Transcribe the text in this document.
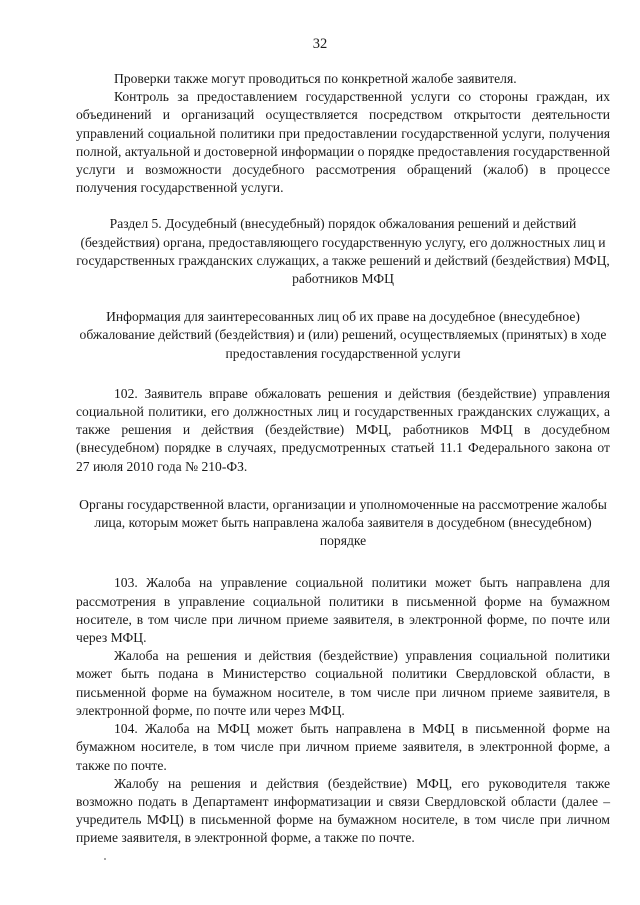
32

Проверки также могут проводиться по конкретной жалобе заявителя.

Контроль за предоставлением государственной услуги со стороны граждан, их объединений и организаций осуществляется посредством открытости деятельности управлений социальной политики при предоставлении государственной услуги, получения полной, актуальной и достоверной информации о порядке предоставления государственной услуги и возможности досудебного рассмотрения обращений (жалоб) в процессе получения государственной услуги.

Раздел 5. Досудебный (внесудебный) порядок обжалования решений и действий (бездействия) органа, предоставляющего государственную услугу, его должностных лиц и государственных гражданских служащих, а также решений и действий (бездействия) МФЦ, работников МФЦ

Информация для заинтересованных лиц об их праве на досудебное (внесудебное) обжалование действий (бездействия) и (или) решений, осуществляемых (принятых) в ходе предоставления государственной услуги

102. Заявитель вправе обжаловать решения и действия (бездействие) управления социальной политики, его должностных лиц и государственных гражданских служащих, а также решения и действия (бездействие) МФЦ, работников МФЦ в досудебном (внесудебном) порядке в случаях, предусмотренных статьей 11.1 Федерального закона от 27 июля 2010 года № 210-ФЗ.

Органы государственной власти, организации и уполномоченные на рассмотрение жалобы лица, которым может быть направлена жалоба заявителя в досудебном (внесудебном) порядке

103. Жалоба на управление социальной политики может быть направлена для рассмотрения в управление социальной политики в письменной форме на бумажном носителе, в том числе при личном приеме заявителя, в электронной форме, по почте или через МФЦ.

Жалоба на решения и действия (бездействие) управления социальной политики может быть подана в Министерство социальной политики Свердловской области, в письменной форме на бумажном носителе, в том числе при личном приеме заявителя, в электронной форме, по почте или через МФЦ.

104. Жалоба на МФЦ может быть направлена в МФЦ в письменной форме на бумажном носителе, в том числе при личном приеме заявителя, в электронной форме, а также по почте.

Жалобу на решения и действия (бездействие) МФЦ, его руководителя также возможно подать в Департамент информатизации и связи Свердловской области (далее – учредитель МФЦ) в письменной форме на бумажном носителе, в том числе при личном приеме заявителя, в электронной форме, а также по почте.
